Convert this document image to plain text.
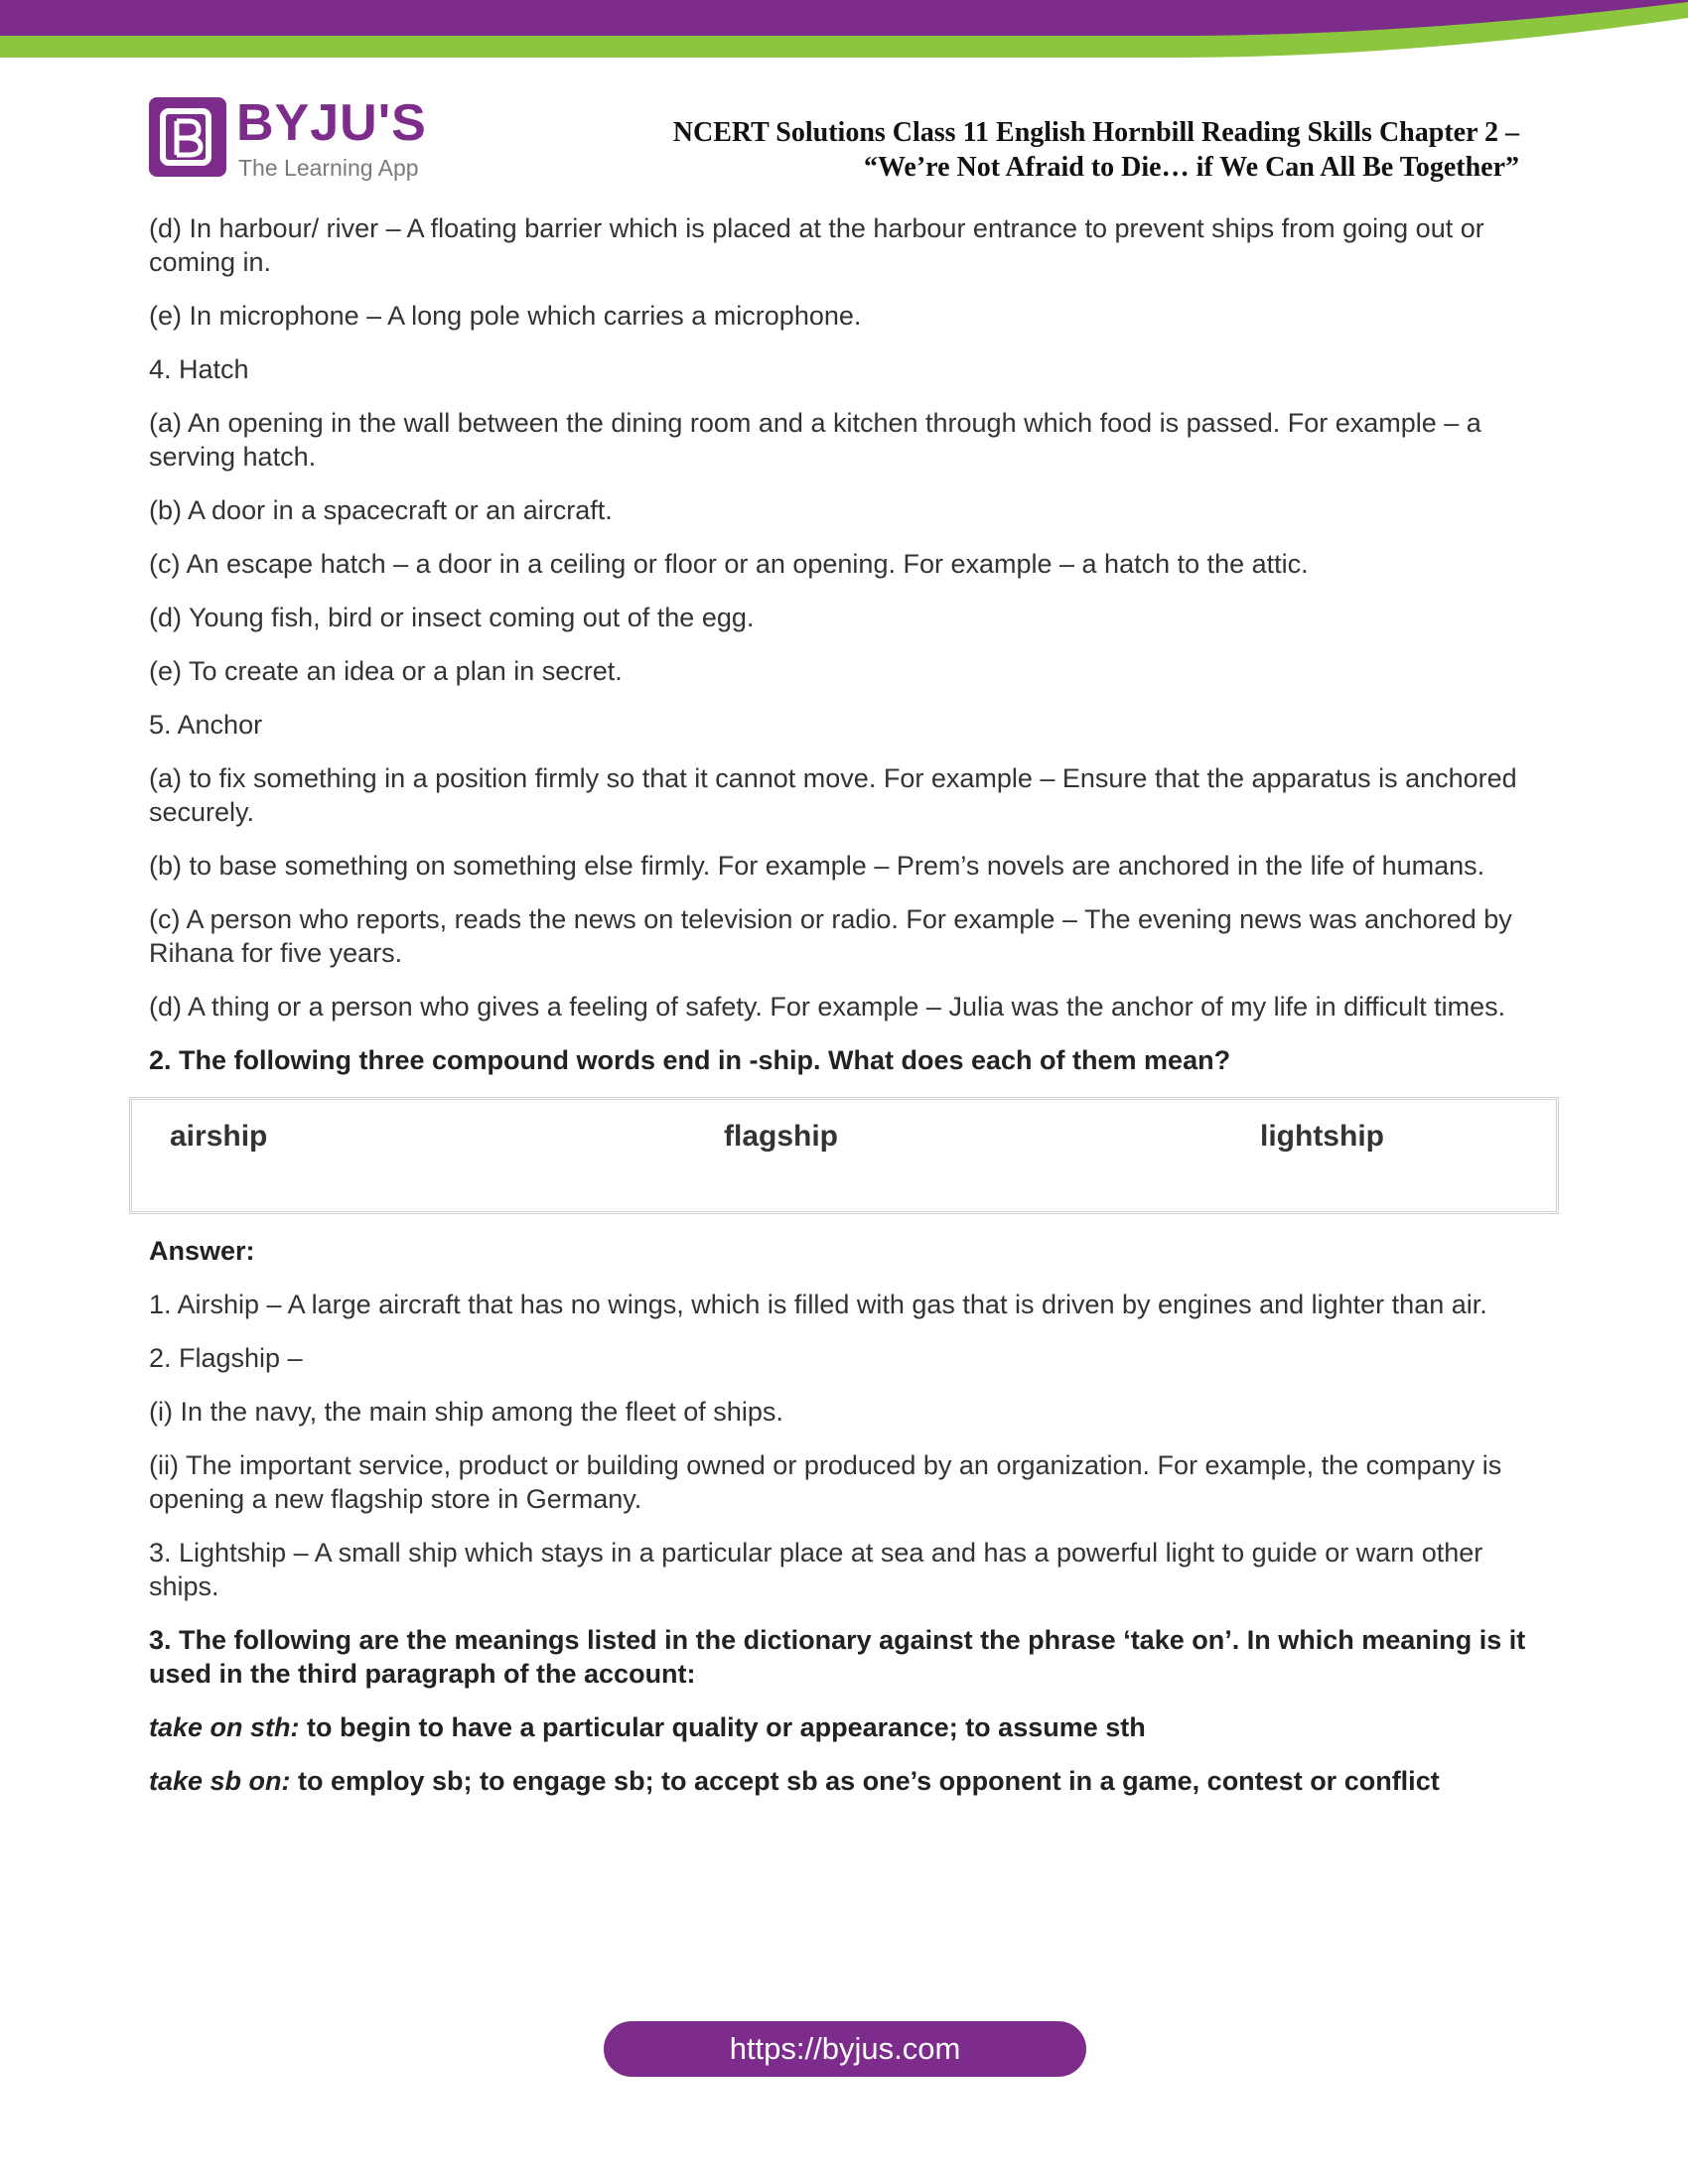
BYJU'S
The Learning App
NCERT Solutions Class 11 English Hornbill Reading Skills Chapter 2 –
“We’re Not Afraid to Die… if We Can All Be Together”

(d) In harbour/ river – A floating barrier which is placed at the harbour entrance to prevent ships from going out or coming in.

(e) In microphone – A long pole which carries a microphone.

4. Hatch

(a) An opening in the wall between the dining room and a kitchen through which food is passed. For example – a serving hatch.

(b) A door in a spacecraft or an aircraft.

(c) An escape hatch – a door in a ceiling or floor or an opening. For example – a hatch to the attic.

(d) Young fish, bird or insect coming out of the egg.

(e) To create an idea or a plan in secret.

5. Anchor

(a) to fix something in a position firmly so that it cannot move. For example – Ensure that the apparatus is anchored securely.

(b) to base something on something else firmly. For example – Prem’s novels are anchored in the life of humans.

(c) A person who reports, reads the news on television or radio. For example – The evening news was anchored by Rihana for five years.

(d) A thing or a person who gives a feeling of safety. For example – Julia was the anchor of my life in difficult times.

2. The following three compound words end in -ship. What does each of them mean?

airship	flagship	lightship

Answer:

1. Airship – A large aircraft that has no wings, which is filled with gas that is driven by engines and lighter than air.

2. Flagship –

(i) In the navy, the main ship among the fleet of ships.

(ii) The important service, product or building owned or produced by an organization. For example, the company is opening a new flagship store in Germany.

3. Lightship – A small ship which stays in a particular place at sea and has a powerful light to guide or warn other ships.

3. The following are the meanings listed in the dictionary against the phrase ‘take on’. In which meaning is it used in the third paragraph of the account:

take on sth: to begin to have a particular quality or appearance; to assume sth

take sb on: to employ sb; to engage sb; to accept sb as one’s opponent in a game, contest or conflict

https://byjus.com
